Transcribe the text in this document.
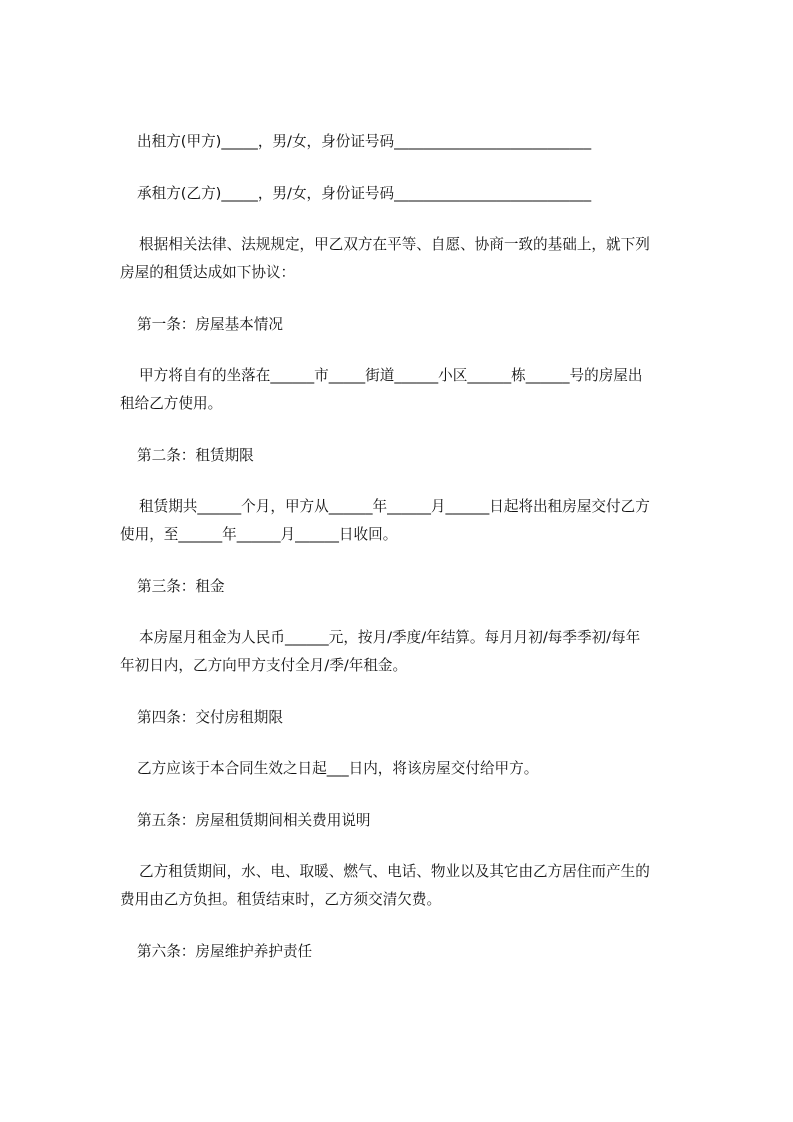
出租方(甲方)_____，男/女，身份证号码___________________________
承租方(乙方)_____，男/女，身份证号码___________________________
根据相关法律、法规规定，甲乙双方在平等、自愿、协商一致的基础上，就下列
房屋的租赁达成如下协议：
第一条：房屋基本情况
甲方将自有的坐落在______市_____街道______小区______栋______号的房屋出
租给乙方使用。
第二条：租赁期限
租赁期共______个月，甲方从______年______月______日起将出租房屋交付乙方
使用，至______年______月______日收回。
第三条：租金
本房屋月租金为人民币______元，按月/季度/年结算。每月月初/每季季初/每年
年初日内，乙方向甲方支付全月/季/年租金。
第四条：交付房租期限
乙方应该于本合同生效之日起___日内，将该房屋交付给甲方。
第五条：房屋租赁期间相关费用说明
乙方租赁期间，水、电、取暖、燃气、电话、物业以及其它由乙方居住而产生的
费用由乙方负担。租赁结束时，乙方须交清欠费。
第六条：房屋维护养护责任
